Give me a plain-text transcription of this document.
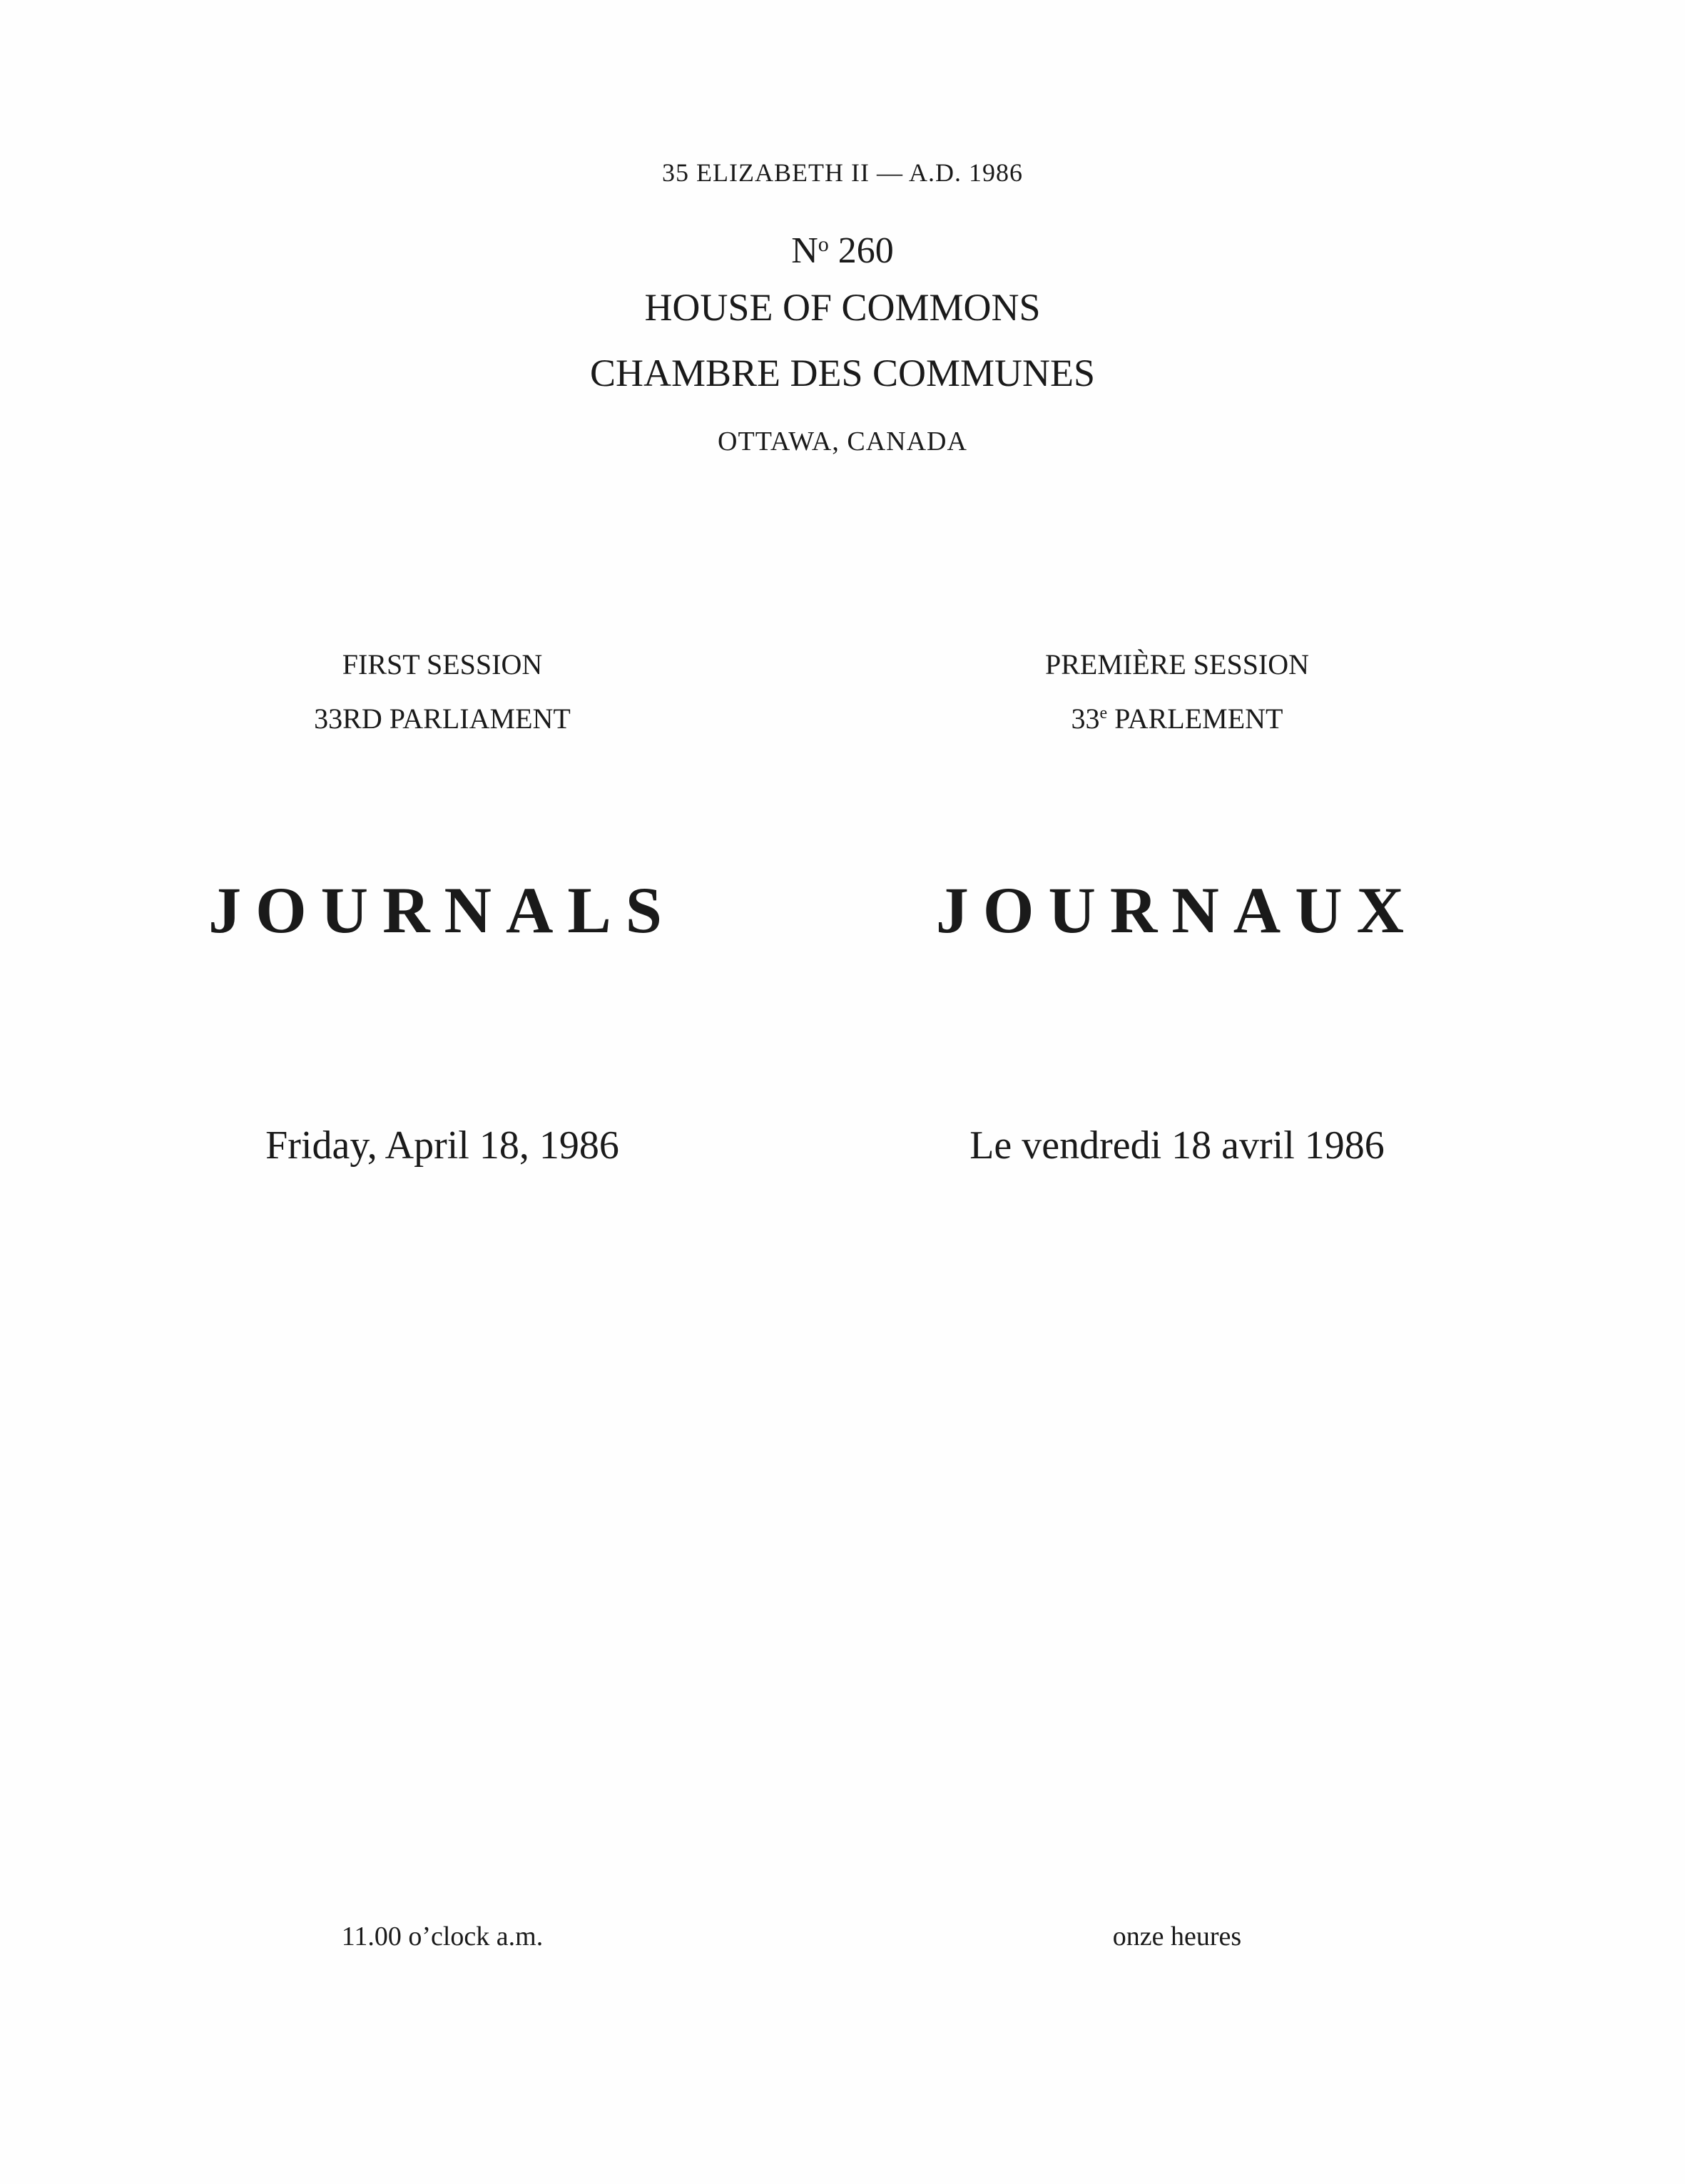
35 ELIZABETH II — A.D. 1986
$N^o$ 260
HOUSE OF COMMONS
CHAMBRE DES COMMUNES
OTTAWA, CANADA
FIRST SESSION
33RD PARLIAMENT
JOURNALS
Friday, April 18, 1986
11.00 o’clock a.m.
PREMIÈRE SESSION
33e PARLEMENT
JOURNAUX
Le vendredi 18 avril 1986
onze heures
